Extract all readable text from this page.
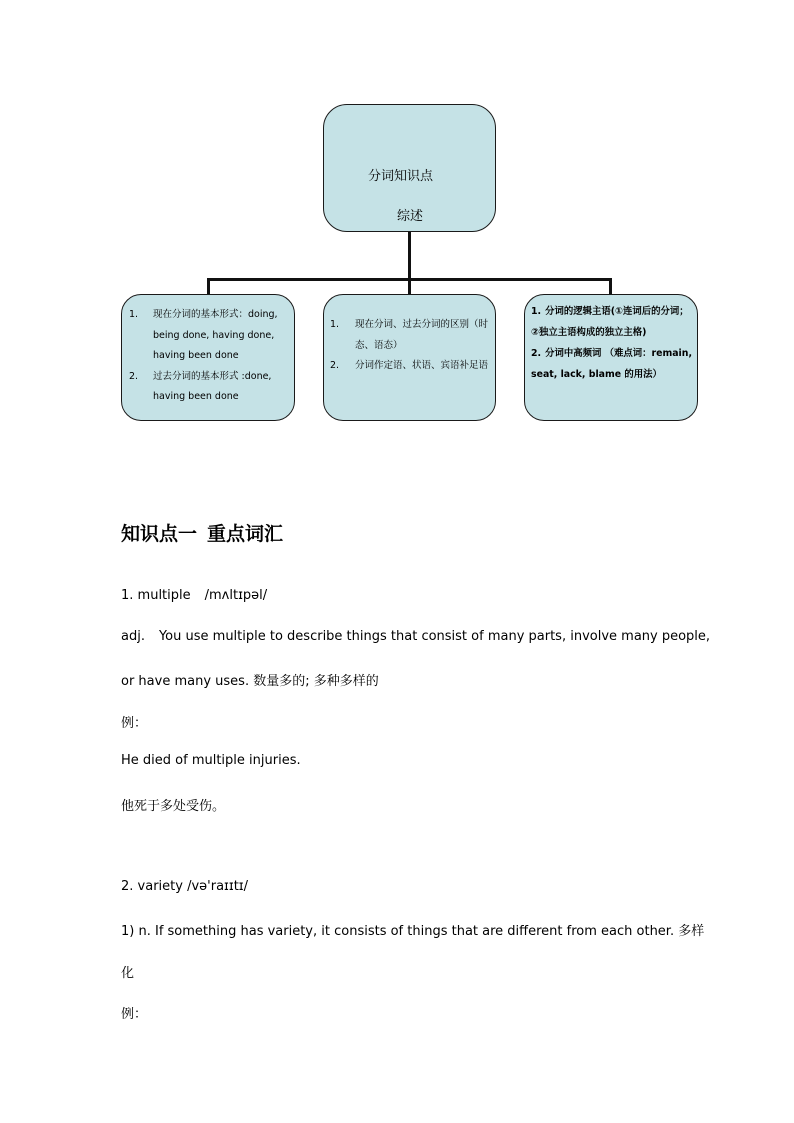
分词知识点
综述
1. 现在分词的基本形式：doing, being done, having done, having been done
2. 过去分词的基本形式 :done, having been done
1. 现在分词、过去分词的区别（时态、语态）
2. 分词作定语、状语、宾语补足语
1. 分词的逻辑主语(①连词后的分词；②独立主语构成的独立主格)
2. 分词中高频词 （难点词：remain, seat, lack, blame 的用法）
知识点一 重点词汇
1. multiple /mʌltɪpəl/
adj. You use multiple to describe things that consist of many parts, involve many people,
or have many uses. 数量多的; 多种多样的
例：
He died of multiple injuries.
他死于多处受伤。
2. variety /və'raɪɪtɪ/
1) n. If something has variety, it consists of things that are different from each other. 多样
化
例：
